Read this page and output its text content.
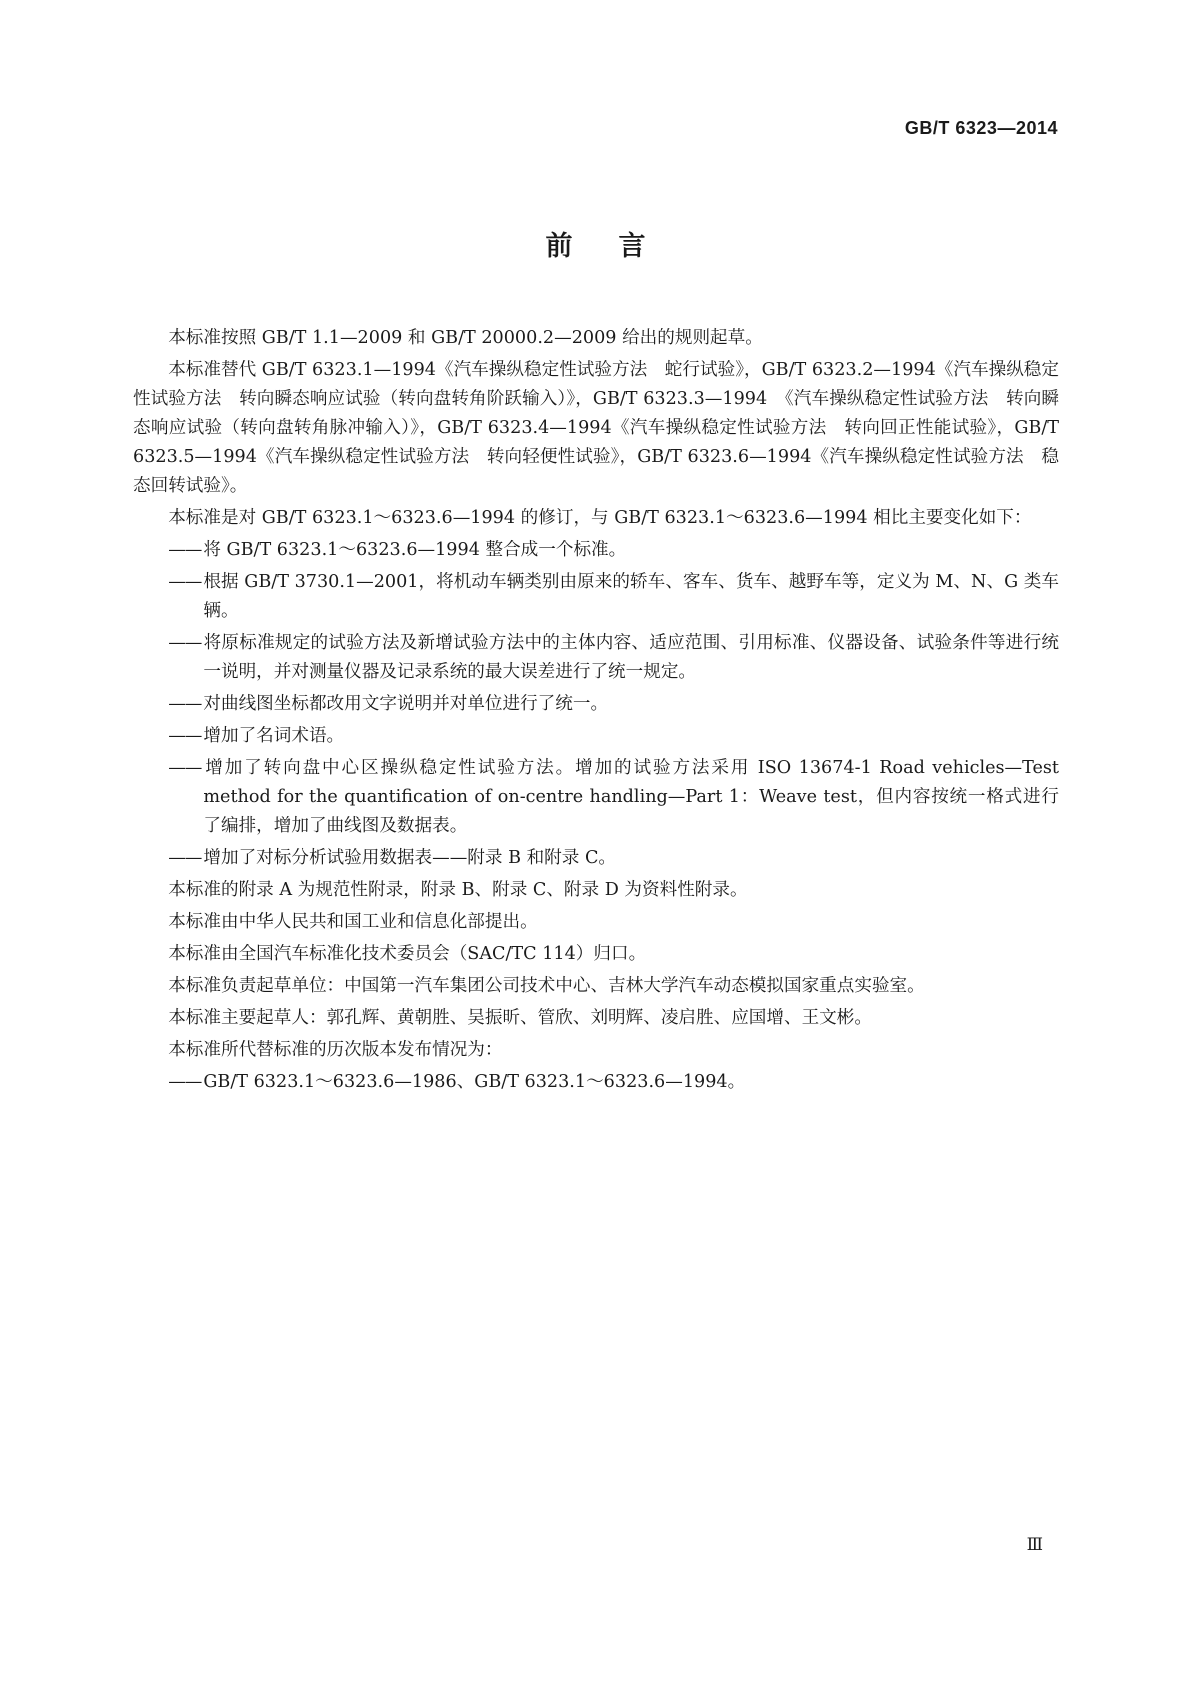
GB/T 6323—2014
前言

本标准按照 GB/T 1.1—2009 和 GB/T 20000.2—2009 给出的规则起草。

本标准替代 GB/T 6323.1—1994《汽车操纵稳定性试验方法　蛇行试验》，GB/T 6323.2—1994《汽车操纵稳定性试验方法　转向瞬态响应试验（转向盘转角阶跃输入）》，GB/T 6323.3—1994　《汽车操纵稳定性试验方法　转向瞬态响应试验（转向盘转角脉冲输入）》，GB/T 6323.4—1994《汽车操纵稳定性试验方法　转向回正性能试验》，GB/T 6323.5—1994《汽车操纵稳定性试验方法　转向轻便性试验》，GB/T 6323.6—1994《汽车操纵稳定性试验方法　稳态回转试验》。

本标准是对 GB/T 6323.1～6323.6—1994 的修订，与 GB/T 6323.1～6323.6—1994 相比主要变化如下：

—— 将 GB/T 6323.1～6323.6—1994 整合成一个标准。

—— 根据 GB/T 3730.1—2001，将机动车辆类别由原来的轿车、客车、货车、越野车等，定义为 M、N、G 类车辆。

—— 将原标准规定的试验方法及新增试验方法中的主体内容、适应范围、引用标准、仪器设备、试验条件等进行统一说明，并对测量仪器及记录系统的最大误差进行了统一规定。

—— 对曲线图坐标都改用文字说明并对单位进行了统一。

—— 增加了名词术语。

—— 增加了转向盘中心区操纵稳定性试验方法。增加的试验方法采用 ISO 13674-1 Road vehicles—Test method for the quantification of on-centre handling—Part 1：Weave test，但内容按统一格式进行了编排，增加了曲线图及数据表。

—— 增加了对标分析试验用数据表——附录 B 和附录 C。

本标准的附录 A 为规范性附录，附录 B、附录 C、附录 D 为资料性附录。

本标准由中华人民共和国工业和信息化部提出。

本标准由全国汽车标准化技术委员会（SAC/TC 114）归口。

本标准负责起草单位：中国第一汽车集团公司技术中心、吉林大学汽车动态模拟国家重点实验室。

本标准主要起草人：郭孔辉、黄朝胜、吴振昕、管欣、刘明辉、凌启胜、应国增、王文彬。

本标准所代替标准的历次版本发布情况为：

—— GB/T 6323.1～6323.6—1986、GB/T 6323.1～6323.6—1994。

Ⅲ
